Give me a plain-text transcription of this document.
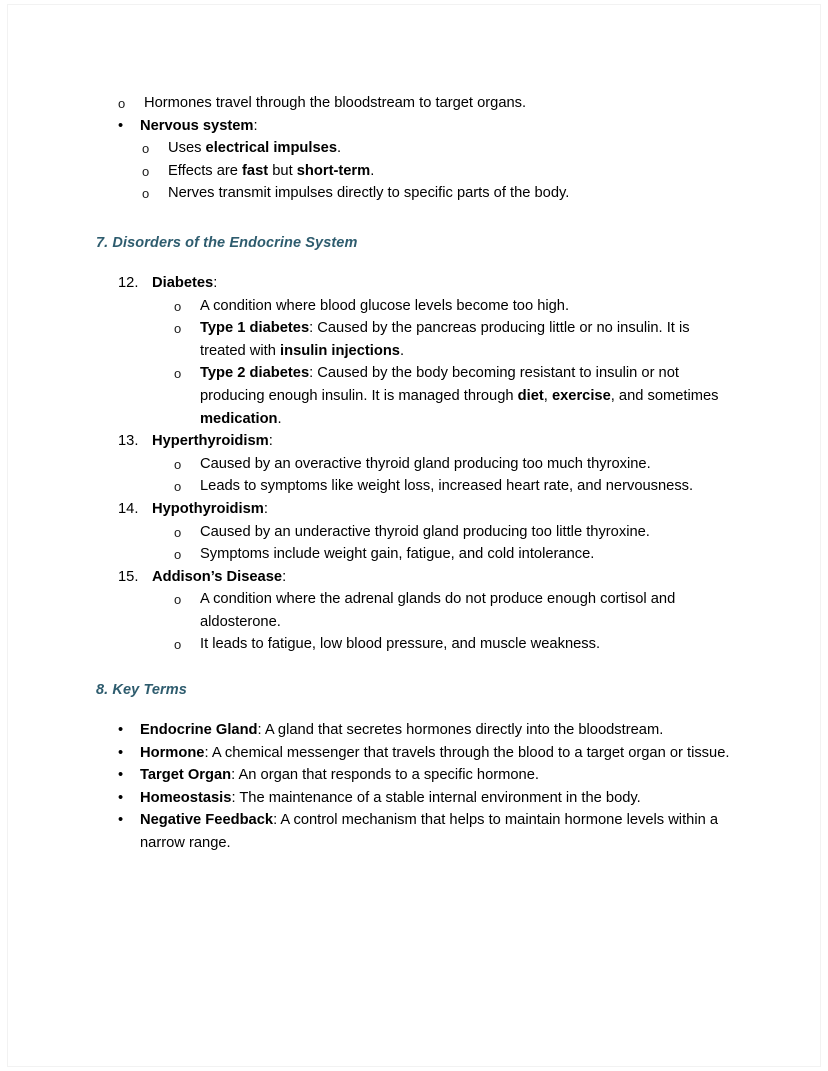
o	Hormones travel through the bloodstream to target organs.
•	Nervous system:
o	Uses electrical impulses.
o	Effects are fast but short-term.
o	Nerves transmit impulses directly to specific parts of the body.
7. Disorders of the Endocrine System
12. Diabetes:
o	A condition where blood glucose levels become too high.
o	Type 1 diabetes: Caused by the pancreas producing little or no insulin. It is treated with insulin injections.
o	Type 2 diabetes: Caused by the body becoming resistant to insulin or not producing enough insulin. It is managed through diet, exercise, and sometimes medication.
13. Hyperthyroidism:
o	Caused by an overactive thyroid gland producing too much thyroxine.
o	Leads to symptoms like weight loss, increased heart rate, and nervousness.
14. Hypothyroidism:
o	Caused by an underactive thyroid gland producing too little thyroxine.
o	Symptoms include weight gain, fatigue, and cold intolerance.
15. Addison’s Disease:
o	A condition where the adrenal glands do not produce enough cortisol and aldosterone.
o	It leads to fatigue, low blood pressure, and muscle weakness.
8. Key Terms
•	Endocrine Gland: A gland that secretes hormones directly into the bloodstream.
•	Hormone: A chemical messenger that travels through the blood to a target organ or tissue.
•	Target Organ: An organ that responds to a specific hormone.
•	Homeostasis: The maintenance of a stable internal environment in the body.
•	Negative Feedback: A control mechanism that helps to maintain hormone levels within a narrow range.
